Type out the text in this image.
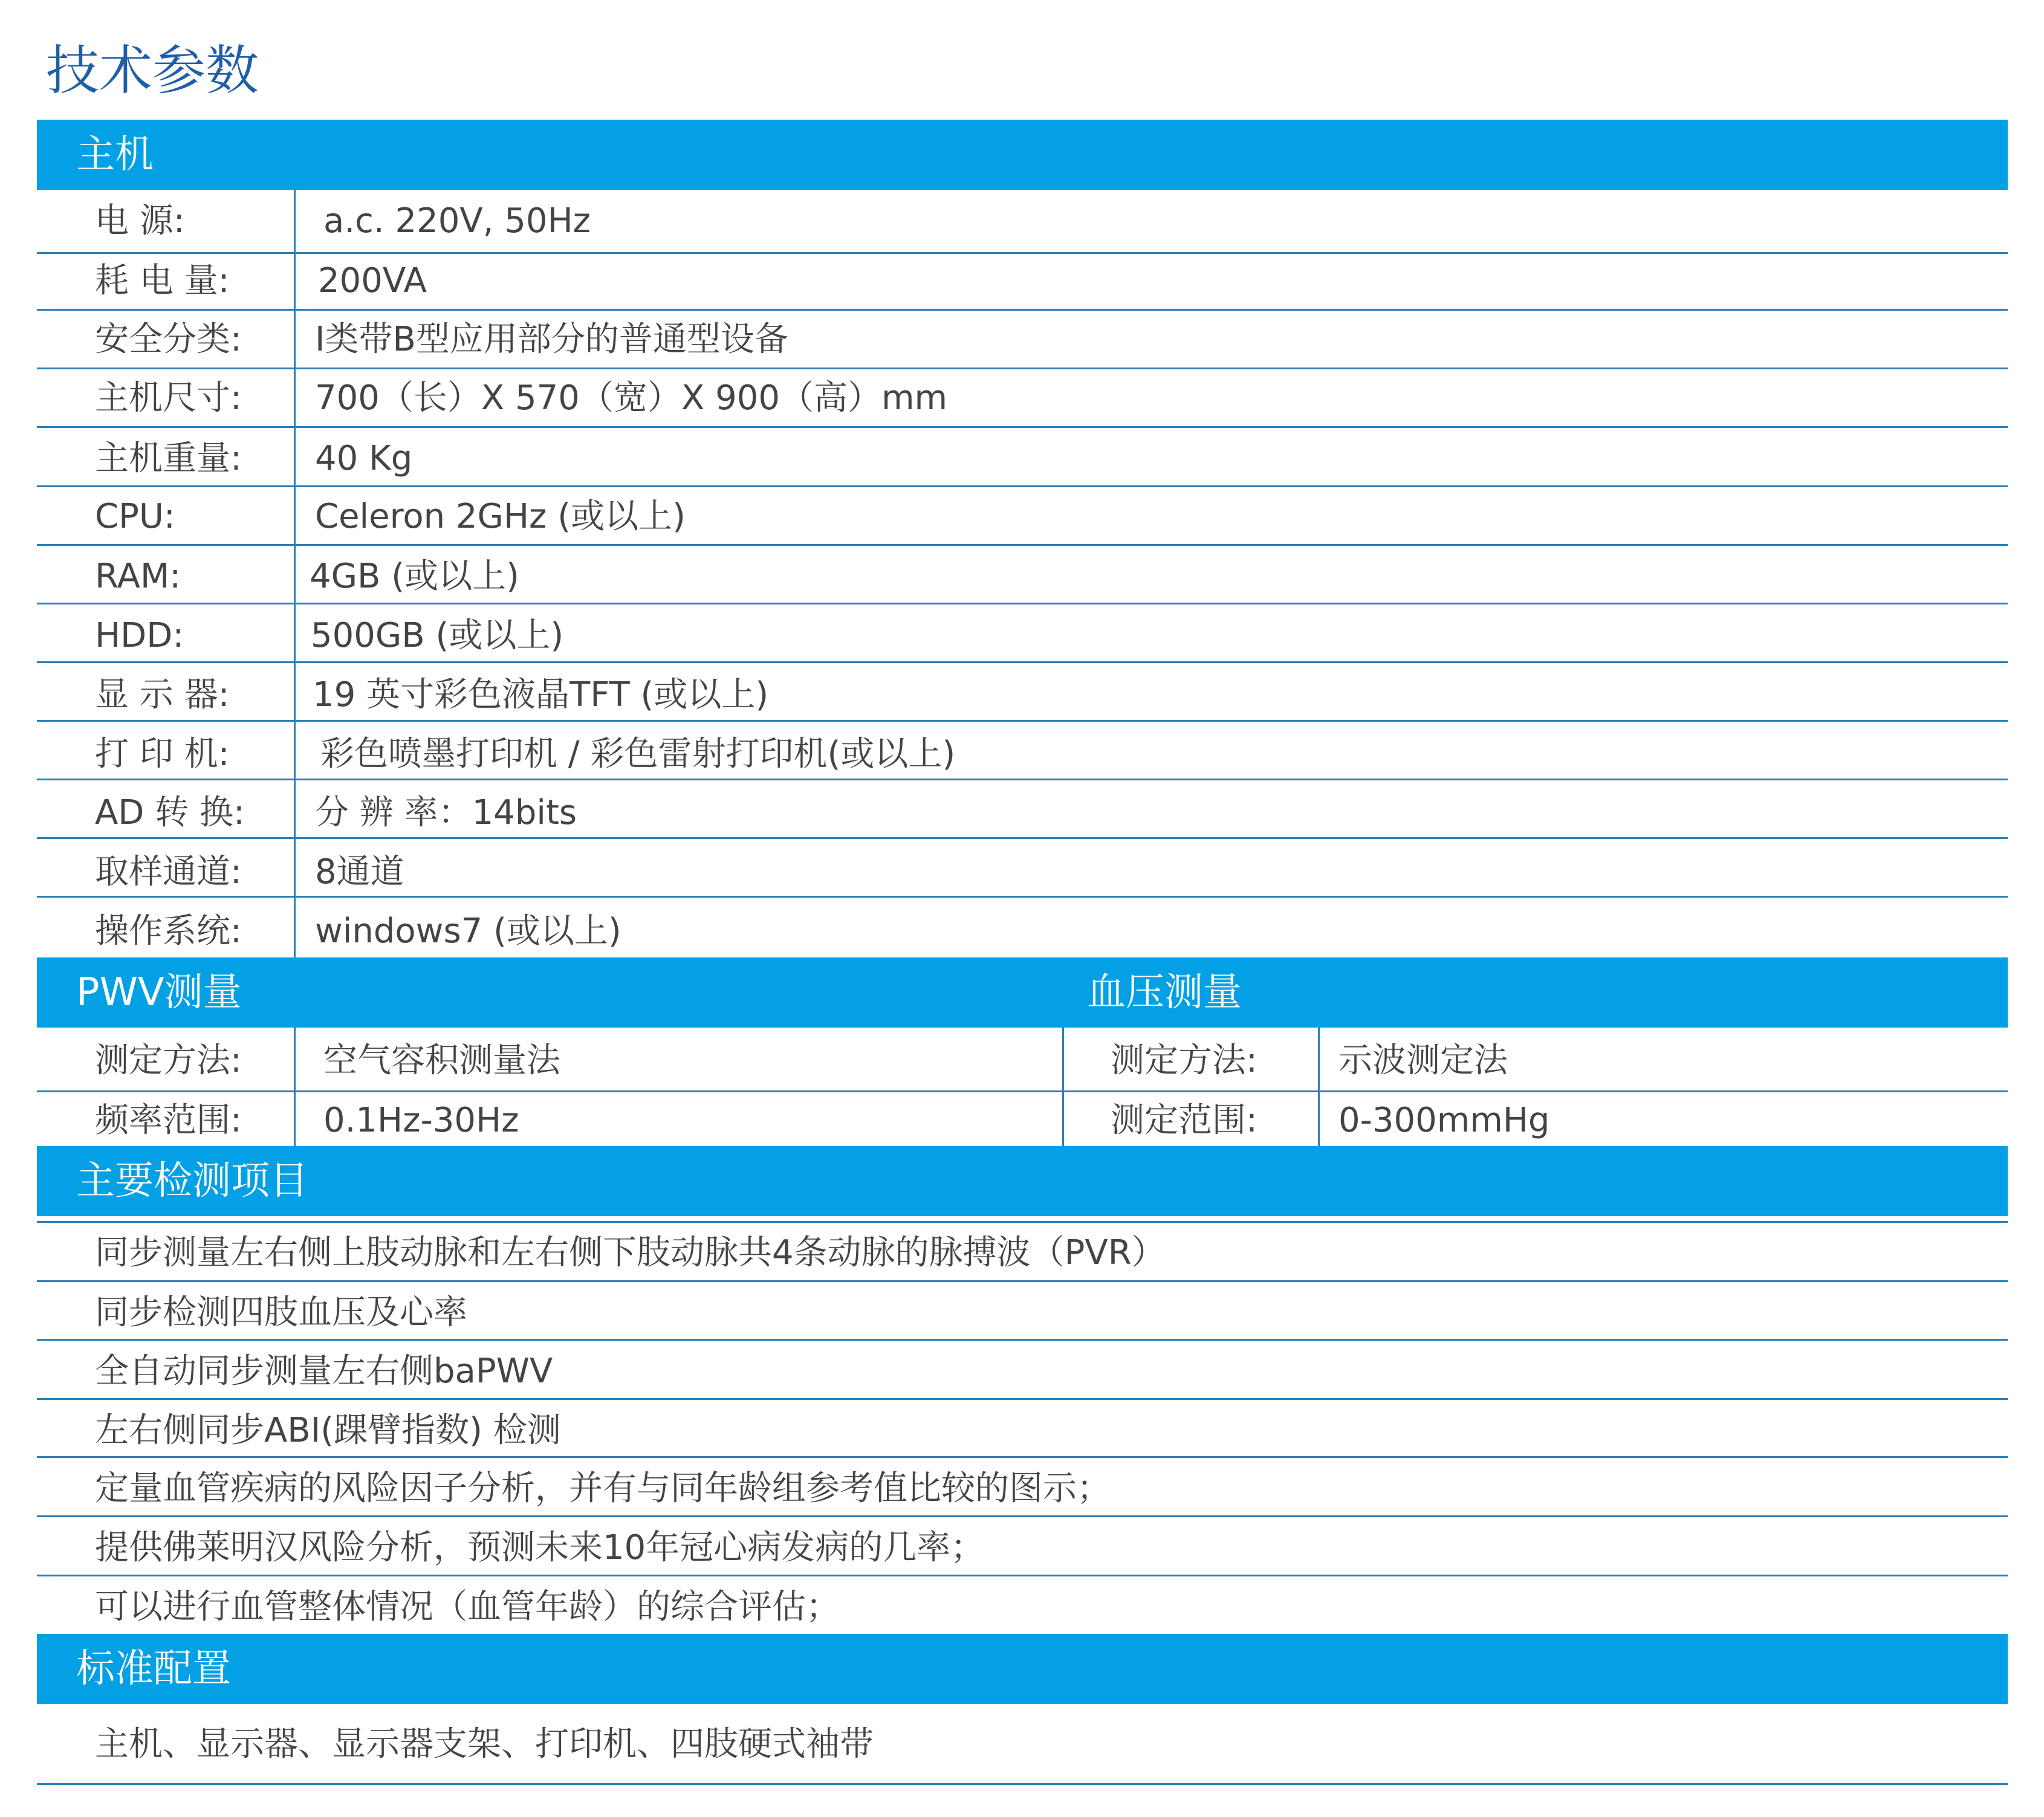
技术参数
主机
电 源:	a.c. 220V, 50Hz
耗 电 量:	200VA
安全分类: I类带B型应用部分的普通型设备
主机尺寸: 700（长）X 570（宽）X 900（高）mm
主机重量: 40 Kg
CPU:	Celeron 2GHz (或以上)
RAM:	4GB (或以上)
HDD:	500GB (或以上)
显 示 器: 19 英寸彩色液晶TFT (或以上)
打 印 机:	彩色喷墨打印机 / 彩色雷射打印机(或以上)
AD 转 换: 分 辨 率：14bits
取样通道: 8通道
操作系统: windows7 (或以上)
PWV测量	血压测量
测定方法: 空气容积测量法	测定方法: 示波测定法
频率范围: 0.1Hz-30Hz	测定范围: 0-300mmHg
主要检测项目
同步测量左右侧上肢动脉和左右侧下肢动脉共4条动脉的脉搏波（PVR）
同步检测四肢血压及心率
全自动同步测量左右侧baPWV
左右侧同步ABI(踝臂指数) 检测
定量血管疾病的风险因子分析，并有与同年龄组参考值比较的图示；
提供佛莱明汉风险分析，预测未来10年冠心病发病的几率；
可以进行血管整体情况（血管年龄）的综合评估；
标准配置
主机、显示器、显示器支架、打印机、四肢硬式袖带
